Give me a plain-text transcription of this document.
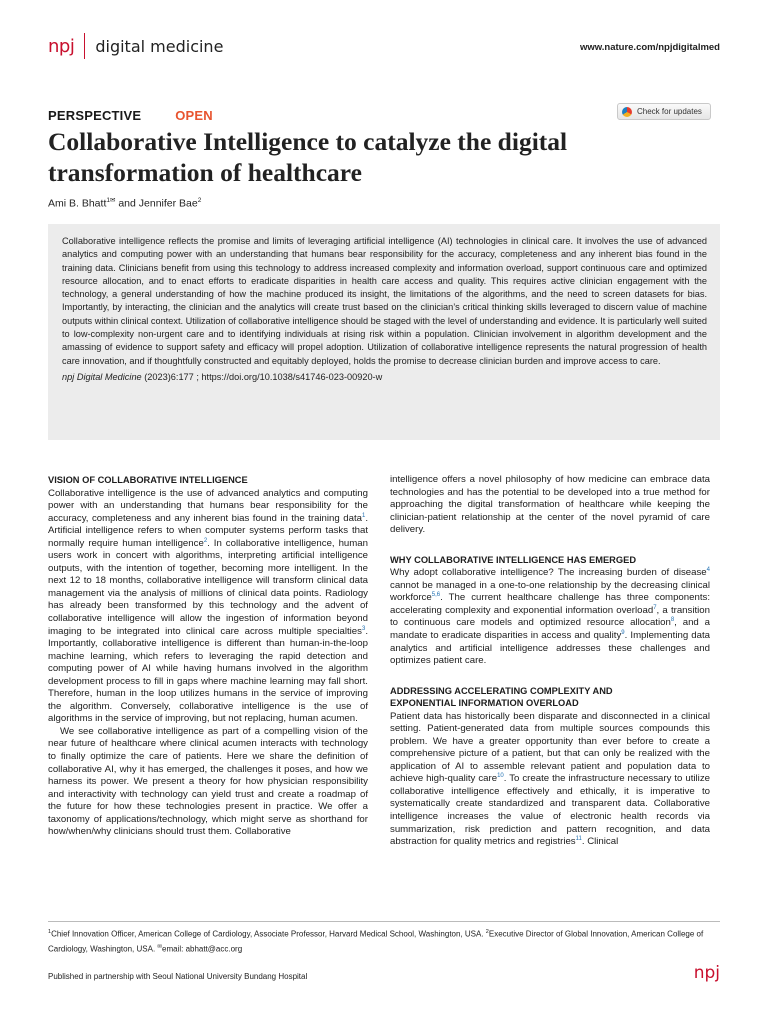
npj digital medicine	www.nature.com/npjdigitalmed
PERSPECTIVE	OPEN	Check for updates
Collaborative Intelligence to catalyze the digital transformation of healthcare
Ami B. Bhatt$^{1✉}$ and Jennifer Bae$^2$

Collaborative intelligence reflects the promise and limits of leveraging artificial intelligence (AI) technologies in clinical care. It involves the use of advanced analytics and computing power with an understanding that humans bear responsibility for the accuracy, completeness and any inherent bias found in the training data. Clinicians benefit from using this technology to address increased complexity and information overload, support continuous care and optimized resource allocation, and to enact efforts to eradicate disparities in health care access and quality. This requires active clinician engagement with the technology, a general understanding of how the machine produced its insight, the limitations of the algorithms, and the need to screen datasets for bias. Importantly, by interacting, the clinician and the analytics will create trust based on the clinician’s critical thinking skills leveraged to discern value of machine outputs within clinical context. Utilization of collaborative intelligence should be staged with the level of understanding and evidence. It is particularly well suited to low-complexity non-urgent care and to identifying individuals at rising risk within a population. Clinician involvement in algorithm development and the amassing of evidence to support safety and efficacy will propel adoption. Utilization of collaborative intelligence represents the natural progression of health care innovation, and if thoughtfully constructed and equitably deployed, holds the promise to decrease clinician burden and improve access to care.

npj Digital Medicine (2023)6:177 ; https://doi.org/10.1038/s41746-023-00920-w

VISION OF COLLABORATIVE INTELLIGENCE

Collaborative intelligence is the use of advanced analytics and computing power with an understanding that humans bear responsibility for the accuracy, completeness and any inherent bias found in the training data$^1$. Artificial intelligence refers to when computer systems perform tasks that normally require human intelligence$^2$. In collaborative intelligence, human users work in concert with algorithms, interpreting artificial intelligence outputs, with the intention of together, becoming more intelligent. In the next 12 to 18 months, collaborative intelligence will transform clinical data management via the analysis of millions of clinical data points. Radiology has already been transformed by this technology and the advent of collaborative intelligence will allow the ingestion of information beyond imaging to be integrated into clinical care across multiple specialties$^3$. Importantly, collaborative intelligence is different than human-in-the-loop machine learning, which refers to leveraging the rapid detection and computing power of AI while having humans involved in the algorithm development process to fill in gaps where machine learning may fall short. Therefore, human in the loop utilizes humans in the service of improving the algorithm. Conversely, collaborative intelligence is the use of algorithms in the service of improving, but not replacing, human acumen.

We see collaborative intelligence as part of a compelling vision of the near future of healthcare where clinical acumen interacts with technology to finally optimize the care of patients. Here we share the definition of collaborative AI, why it has emerged, the challenges it poses, and how we harness its power. We present a theory for how physician responsibility and interactivity with technology can yield trust and create a roadmap of the future for how these technologies present in practice. We offer a taxonomy of applications/technology, which might serve as shorthand for how/when/why clinicians should trust them. Collaborative

intelligence offers a novel philosophy of how medicine can embrace data technologies and has the potential to be developed into a true method for approaching the digital transformation of healthcare while keeping the clinician-patient relationship at the center of the novel pyramid of care delivery.

WHY COLLABORATIVE INTELLIGENCE HAS EMERGED

Why adopt collaborative intelligence? The increasing burden of disease$^4$ cannot be managed in a one-to-one relationship by the decreasing clinical workforce$^{5,6}$. The current healthcare challenge has three components: accelerating complexity and exponential information overload$^7$, a transition to continuous care models and optimized resource allocation$^8$, and a mandate to eradicate disparities in access and quality$^9$. Implementing data analytics and artificial intelligence addresses these challenges and optimizes patient care.

ADDRESSING ACCELERATING COMPLEXITY AND
EXPONENTIAL INFORMATION OVERLOAD

Patient data has historically been disparate and disconnected in a clinical setting. Patient-generated data from multiple sources compounds this problem. We have a greater opportunity than ever before to create a comprehensive picture of a patient, but that can only be realized with the application of AI to assemble relevant patient and population data to achieve high-quality care$^{10}$. To create the infrastructure necessary to utilize collaborative intelligence effectively and ethically, it is imperative to systematically create standardized and transparent data. Collaborative intelligence increases the value of electronic health records via summarization, risk prediction and pattern recognition, and data abstraction for quality metrics and registries$^{11}$. Clinical

$^1$Chief Innovation Officer, American College of Cardiology, Associate Professor, Harvard Medical School, Washington, USA. $^2$Executive Director of Global Innovation, American College of Cardiology, Washington, USA. ✉email: abhatt@acc.org
Published in partnership with Seoul National University Bundang Hospital	npj
